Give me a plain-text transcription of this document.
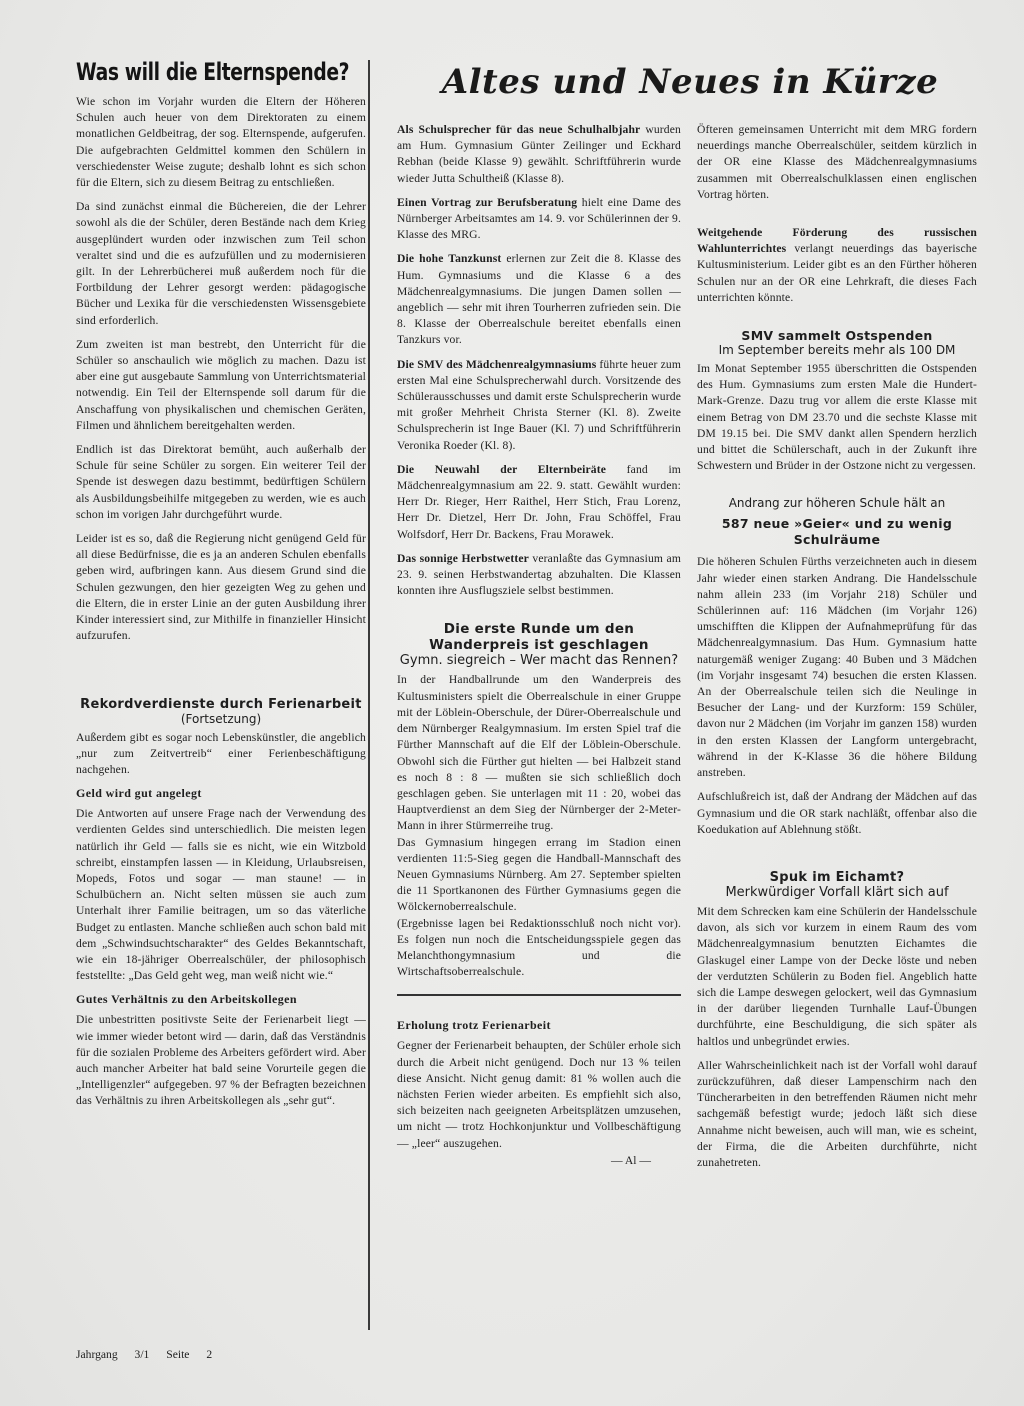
Was will die Elternspende?

Wie schon im Vorjahr wurden die Eltern der Höheren Schulen auch heuer von dem Direktoraten zu einem monatlichen Geldbeitrag, der sog. Elternspende, aufgerufen. Die aufgebrachten Geldmittel kommen den Schülern in verschiedenster Weise zugute; deshalb lohnt es sich schon für die Eltern, sich zu diesem Beitrag zu entschließen.

Da sind zunächst einmal die Büchereien, die der Lehrer sowohl als die der Schüler, deren Bestände nach dem Krieg ausgeplündert wurden oder inzwischen zum Teil schon veraltet sind und die es aufzufüllen und zu modernisieren gilt. In der Lehrerbücherei muß außerdem noch für die Fortbildung der Lehrer gesorgt werden: pädagogische Bücher und Lexika für die verschiedensten Wissensgebiete sind erforderlich.

Zum zweiten ist man bestrebt, den Unterricht für die Schüler so anschaulich wie möglich zu machen. Dazu ist aber eine gut ausgebaute Sammlung von Unterrichtsmaterial notwendig. Ein Teil der Elternspende soll darum für die Anschaffung von physikalischen und chemischen Geräten, Filmen und ähnlichem bereitgehalten werden.

Endlich ist das Direktorat bemüht, auch außerhalb der Schule für seine Schüler zu sorgen. Ein weiterer Teil der Spende ist deswegen dazu bestimmt, bedürftigen Schülern als Ausbildungsbeihilfe mitgegeben zu werden, wie es auch schon im vorigen Jahr durchgeführt wurde.

Leider ist es so, daß die Regierung nicht genügend Geld für all diese Bedürfnisse, die es ja an anderen Schulen ebenfalls geben wird, aufbringen kann. Aus diesem Grund sind die Schulen gezwungen, den hier gezeigten Weg zu gehen und die Eltern, die in erster Linie an der guten Ausbildung ihrer Kinder interessiert sind, zur Mithilfe in finanzieller Hinsicht aufzurufen.

Rekordverdienste durch Ferienarbeit
(Fortsetzung)

Außerdem gibt es sogar noch Lebenskünstler, die angeblich „nur zum Zeitvertreib“ einer Ferienbeschäftigung nachgehen.

Geld wird gut angelegt

Die Antworten auf unsere Frage nach der Verwendung des verdienten Geldes sind unterschiedlich. Die meisten legen natürlich ihr Geld — falls sie es nicht, wie ein Witzbold schreibt, einstampfen lassen — in Kleidung, Urlaubsreisen, Mopeds, Fotos und sogar — man staune! — in Schulbüchern an. Nicht selten müssen sie auch zum Unterhalt ihrer Familie beitragen, um so das väterliche Budget zu entlasten. Manche schließen auch schon bald mit dem „Schwindsuchtscharakter“ des Geldes Bekanntschaft, wie ein 18-jähriger Oberrealschüler, der philosophisch feststellte: „Das Geld geht weg, man weiß nicht wie.“

Gutes Verhältnis zu den Arbeitskollegen

Die unbestritten positivste Seite der Ferienarbeit liegt — wie immer wieder betont wird — darin, daß das Verständnis für die sozialen Probleme des Arbeiters gefördert wird. Aber auch mancher Arbeiter hat bald seine Vorurteile gegen die „Intelligenzler“ aufgegeben. 97 % der Befragten bezeichnen das Verhältnis zu ihren Arbeitskollegen als „sehr gut“.

Altes und Neues in Kürze

Als Schulsprecher für das neue Schulhalbjahr wurden am Hum. Gymnasium Günter Zeilinger und Eckhard Rebhan (beide Klasse 9) gewählt. Schriftführerin wurde wieder Jutta Schultheiß (Klasse 8).

Einen Vortrag zur Berufsberatung hielt eine Dame des Nürnberger Arbeitsamtes am 14. 9. vor Schülerinnen der 9. Klasse des MRG.

Die hohe Tanzkunst erlernen zur Zeit die 8. Klasse des Hum. Gymnasiums und die Klasse 6 a des Mädchenrealgymnasiums. Die jungen Damen sollen — angeblich — sehr mit ihren Tourherren zufrieden sein. Die 8. Klasse der Oberrealschule bereitet ebenfalls einen Tanzkurs vor.

Die SMV des Mädchenrealgymnasiums führte heuer zum ersten Mal eine Schulsprecherwahl durch. Vorsitzende des Schülerausschusses und damit erste Schulsprecherin wurde mit großer Mehrheit Christa Sterner (Kl. 8). Zweite Schulsprecherin ist Inge Bauer (Kl. 7) und Schriftführerin Veronika Roeder (Kl. 8).

Die Neuwahl der Elternbeiräte fand im Mädchenrealgymnasium am 22. 9. statt. Gewählt wurden: Herr Dr. Rieger, Herr Raithel, Herr Stich, Frau Lorenz, Herr Dr. Dietzel, Herr Dr. John, Frau Schöffel, Frau Wolfsdorf, Herr Dr. Backens, Frau Morawek.

Das sonnige Herbstwetter veranlaßte das Gymnasium am 23. 9. seinen Herbstwandertag abzuhalten. Die Klassen konnten ihre Ausflugsziele selbst bestimmen.

Die erste Runde um den Wanderpreis ist geschlagen
Gymn. siegreich – Wer macht das Rennen?

In der Handballrunde um den Wanderpreis des Kultusministers spielt die Oberrealschule in einer Gruppe mit der Löblein-Oberschule, der Dürer-Oberrealschule und dem Nürnberger Realgymnasium. Im ersten Spiel traf die Fürther Mannschaft auf die Elf der Löblein-Oberschule. Obwohl sich die Fürther gut hielten — bei Halbzeit stand es noch 8 : 8 — mußten sie sich schließlich doch geschlagen geben. Sie unterlagen mit 11 : 20, wobei das Hauptverdienst an dem Sieg der Nürnberger der 2-Meter-Mann in ihrer Stürmerreihe trug.

Das Gymnasium hingegen errang im Stadion einen verdienten 11:5-Sieg gegen die Handball-Mannschaft des Neuen Gymnasiums Nürnberg. Am 27. September spielten die 11 Sportkanonen des Fürther Gymnasiums gegen die Wölckernoberrealschule.

(Ergebnisse lagen bei Redaktionsschluß noch nicht vor). Es folgen nun noch die Entscheidungsspiele gegen das Melanchthongymnasium und die Wirtschaftsoberrealschule.

Erholung trotz Ferienarbeit

Gegner der Ferienarbeit behaupten, der Schüler erhole sich durch die Arbeit nicht genügend. Doch nur 13 % teilen diese Ansicht. Nicht genug damit: 81 % wollen auch die nächsten Ferien wieder arbeiten. Es empfiehlt sich also, sich beizeiten nach geeigneten Arbeitsplätzen umzusehen, um nicht — trotz Hochkonjunktur und Vollbeschäftigung — „leer“ auszugehen.

— Al —

Öfteren gemeinsamen Unterricht mit dem MRG fordern neuerdings manche Oberrealschüler, seitdem kürzlich in der OR eine Klasse des Mädchenrealgymnasiums zusammen mit Oberrealschulklassen einen englischen Vortrag hörten.

Weitgehende Förderung des russischen Wahlunterrichtes verlangt neuerdings das bayerische Kultusministerium. Leider gibt es an den Fürther höheren Schulen nur an der OR eine Lehrkraft, die dieses Fach unterrichten könnte.

SMV sammelt Ostspenden
Im September bereits mehr als 100 DM

Im Monat September 1955 überschritten die Ostspenden des Hum. Gymnasiums zum ersten Male die Hundert-Mark-Grenze. Dazu trug vor allem die erste Klasse mit einem Betrag von DM 23.70 und die sechste Klasse mit DM 19.15 bei. Die SMV dankt allen Spendern herzlich und bittet die Schülerschaft, auch in der Zukunft ihre Schwestern und Brüder in der Ostzone nicht zu vergessen.

Andrang zur höheren Schule hält an
587 neue »Geier« und zu wenig Schulräume

Die höheren Schulen Fürths verzeichneten auch in diesem Jahr wieder einen starken Andrang. Die Handelsschule nahm allein 233 (im Vorjahr 218) Schüler und Schülerinnen auf: 116 Mädchen (im Vorjahr 126) umschifften die Klippen der Aufnahmeprüfung für das Mädchenrealgymnasium. Das Hum. Gymnasium hatte naturgemäß weniger Zugang: 40 Buben und 3 Mädchen (im Vorjahr insgesamt 74) besuchen die ersten Klassen. An der Oberrealschule teilen sich die Neulinge in Besucher der Lang- und der Kurzform: 159 Schüler, davon nur 2 Mädchen (im Vorjahr im ganzen 158) wurden in den ersten Klassen der Langform untergebracht, während in der K-Klasse 36 die höhere Bildung anstreben.

Aufschlußreich ist, daß der Andrang der Mädchen auf das Gymnasium und die OR stark nachläßt, offenbar also die Koedukation auf Ablehnung stößt.

Spuk im Eichamt?
Merkwürdiger Vorfall klärt sich auf

Mit dem Schrecken kam eine Schülerin der Handelsschule davon, als sich vor kurzem in einem Raum des vom Mädchenrealgymnasium benutzten Eichamtes die Glaskugel einer Lampe von der Decke löste und neben der verdutzten Schülerin zu Boden fiel. Angeblich hatte sich die Lampe deswegen gelockert, weil das Gymnasium in der darüber liegenden Turnhalle Lauf-Übungen durchführte, eine Beschuldigung, die sich später als haltlos und unbegründet erwies.

Aller Wahrscheinlichkeit nach ist der Vorfall wohl darauf zurückzuführen, daß dieser Lampenschirm nach den Tüncherarbeiten in den betreffenden Räumen nicht mehr sachgemäß befestigt wurde; jedoch läßt sich diese Annahme nicht beweisen, auch will man, wie es scheint, der Firma, die die Arbeiten durchführte, nicht zunahetreten.

Jahrgang 3/1 Seite 2
